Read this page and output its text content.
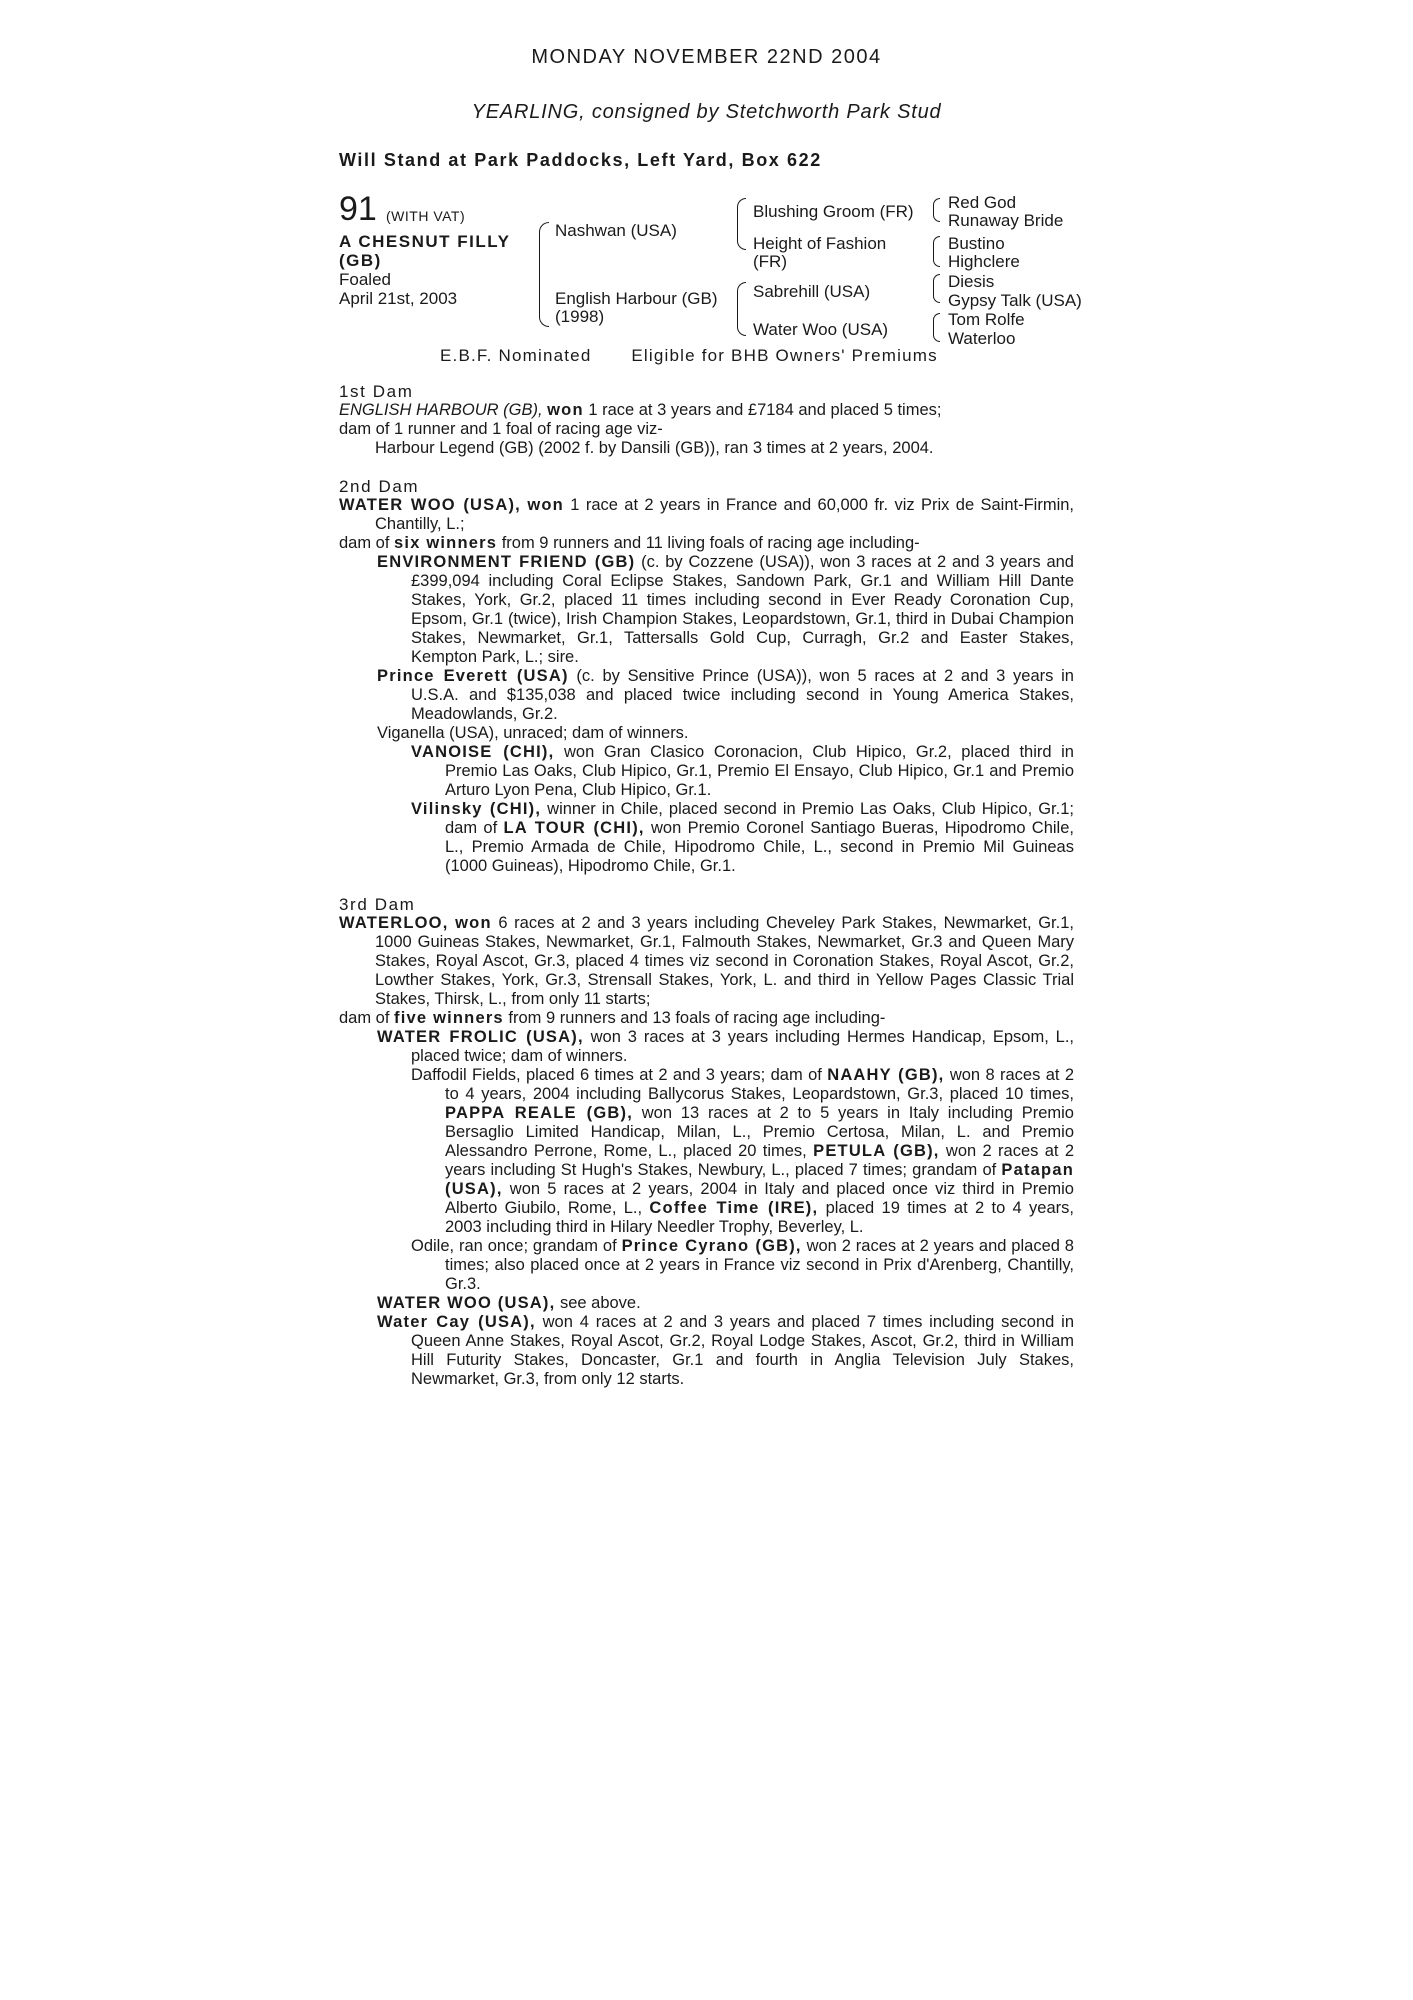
MONDAY NOVEMBER 22ND 2004
YEARLING, consigned by Stetchworth Park Stud
Will Stand at Park Paddocks, Left Yard, Box 622
91 (WITH VAT)
A CHESNUT FILLY
(GB)
Foaled
April 21st, 2003
Nashwan (USA)
English Harbour (GB)
(1998)
Blushing Groom (FR)
Height of Fashion
(FR)
Sabrehill (USA)
Water Woo (USA)
Red God
Runaway Bride
Bustino
Highclere
Diesis
Gypsy Talk (USA)
Tom Rolfe
Waterloo
E.B.F. Nominated Eligible for BHB Owners' Premiums
1st Dam
ENGLISH HARBOUR (GB), won 1 race at 3 years and £7184 and placed 5 times;
dam of 1 runner and 1 foal of racing age viz-
Harbour Legend (GB) (2002 f. by Dansili (GB)), ran 3 times at 2 years, 2004.
2nd Dam
WATER WOO (USA), won 1 race at 2 years in France and 60,000 fr. viz Prix de Saint-Firmin, Chantilly, L.;
dam of six winners from 9 runners and 11 living foals of racing age including-
ENVIRONMENT FRIEND (GB) (c. by Cozzene (USA)), won 3 races at 2 and 3 years and £399,094 including Coral Eclipse Stakes, Sandown Park, Gr.1 and William Hill Dante Stakes, York, Gr.2, placed 11 times including second in Ever Ready Coronation Cup, Epsom, Gr.1 (twice), Irish Champion Stakes, Leopardstown, Gr.1, third in Dubai Champion Stakes, Newmarket, Gr.1, Tattersalls Gold Cup, Curragh, Gr.2 and Easter Stakes, Kempton Park, L.; sire.
Prince Everett (USA) (c. by Sensitive Prince (USA)), won 5 races at 2 and 3 years in U.S.A. and $135,038 and placed twice including second in Young America Stakes, Meadowlands, Gr.2.
Viganella (USA), unraced; dam of winners.
VANOISE (CHI), won Gran Clasico Coronacion, Club Hipico, Gr.2, placed third in Premio Las Oaks, Club Hipico, Gr.1, Premio El Ensayo, Club Hipico, Gr.1 and Premio Arturo Lyon Pena, Club Hipico, Gr.1.
Vilinsky (CHI), winner in Chile, placed second in Premio Las Oaks, Club Hipico, Gr.1; dam of LA TOUR (CHI), won Premio Coronel Santiago Bueras, Hipodromo Chile, L., Premio Armada de Chile, Hipodromo Chile, L., second in Premio Mil Guineas (1000 Guineas), Hipodromo Chile, Gr.1.
3rd Dam
WATERLOO, won 6 races at 2 and 3 years including Cheveley Park Stakes, Newmarket, Gr.1, 1000 Guineas Stakes, Newmarket, Gr.1, Falmouth Stakes, Newmarket, Gr.3 and Queen Mary Stakes, Royal Ascot, Gr.3, placed 4 times viz second in Coronation Stakes, Royal Ascot, Gr.2, Lowther Stakes, York, Gr.3, Strensall Stakes, York, L. and third in Yellow Pages Classic Trial Stakes, Thirsk, L., from only 11 starts;
dam of five winners from 9 runners and 13 foals of racing age including-
WATER FROLIC (USA), won 3 races at 3 years including Hermes Handicap, Epsom, L., placed twice; dam of winners.
Daffodil Fields, placed 6 times at 2 and 3 years; dam of NAAHY (GB), won 8 races at 2 to 4 years, 2004 including Ballycorus Stakes, Leopardstown, Gr.3, placed 10 times, PAPPA REALE (GB), won 13 races at 2 to 5 years in Italy including Premio Bersaglio Limited Handicap, Milan, L., Premio Certosa, Milan, L. and Premio Alessandro Perrone, Rome, L., placed 20 times, PETULA (GB), won 2 races at 2 years including St Hugh's Stakes, Newbury, L., placed 7 times; grandam of Patapan (USA), won 5 races at 2 years, 2004 in Italy and placed once viz third in Premio Alberto Giubilo, Rome, L., Coffee Time (IRE), placed 19 times at 2 to 4 years, 2003 including third in Hilary Needler Trophy, Beverley, L.
Odile, ran once; grandam of Prince Cyrano (GB), won 2 races at 2 years and placed 8 times; also placed once at 2 years in France viz second in Prix d'Arenberg, Chantilly, Gr.3.
WATER WOO (USA), see above.
Water Cay (USA), won 4 races at 2 and 3 years and placed 7 times including second in Queen Anne Stakes, Royal Ascot, Gr.2, Royal Lodge Stakes, Ascot, Gr.2, third in William Hill Futurity Stakes, Doncaster, Gr.1 and fourth in Anglia Television July Stakes, Newmarket, Gr.3, from only 12 starts.
